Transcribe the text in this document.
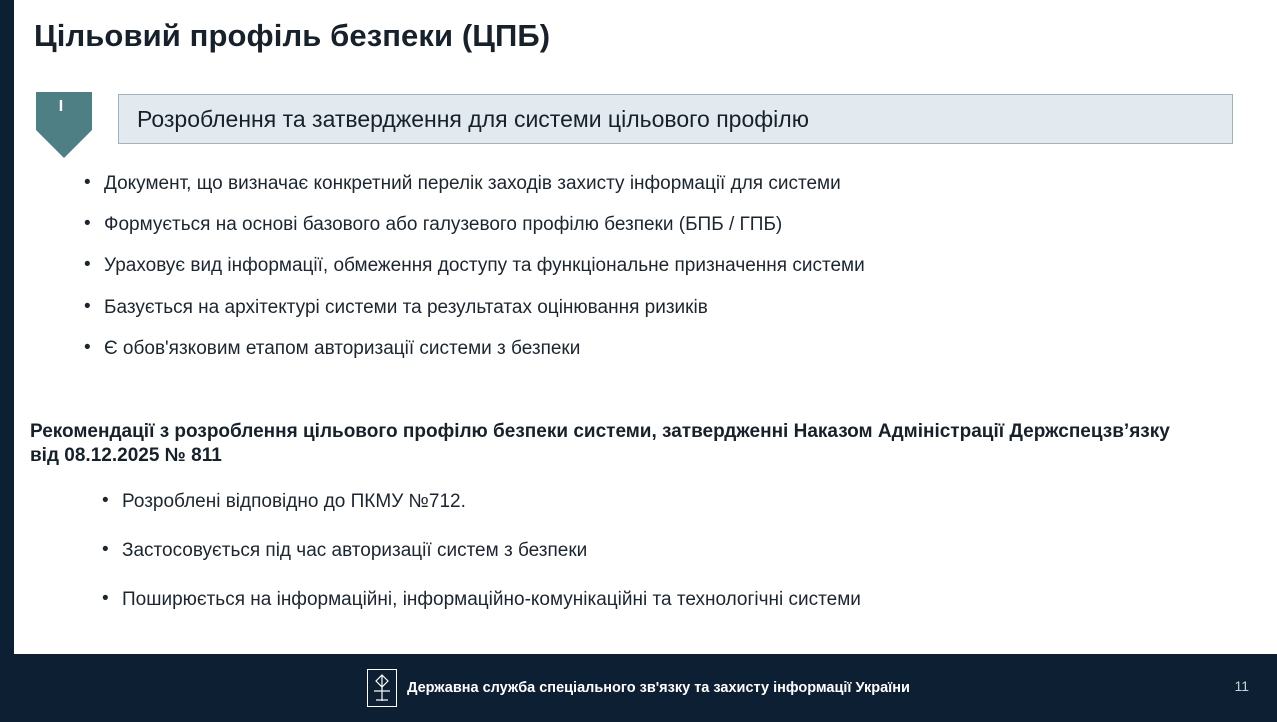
Цільовий профіль безпеки (ЦПБ)
I	Розроблення та затвердження для системи цільового профілю
• Документ, що визначає конкретний перелік заходів захисту інформації для системи
• Формується на основі базового або галузевого профілю безпеки (БПБ / ГПБ)
• Ураховує вид інформації, обмеження доступу та функціональне призначення системи
• Базується на архітектурі системи та результатах оцінювання ризиків
• Є обов'язковим етапом авторизації системи з безпеки
Рекомендації з розроблення цільового профілю безпеки системи, затвердженні Наказом Адміністрації Держспецзв’язку від 08.12.2025 № 811
• Розроблені відповідно до ПКМУ №712.
• Застосовується під час авторизації систем з безпеки
• Поширюється на інформаційні, інформаційно-комунікаційні та технологічні системи
Державна служба спеціального зв'язку та захисту інформації України	11
